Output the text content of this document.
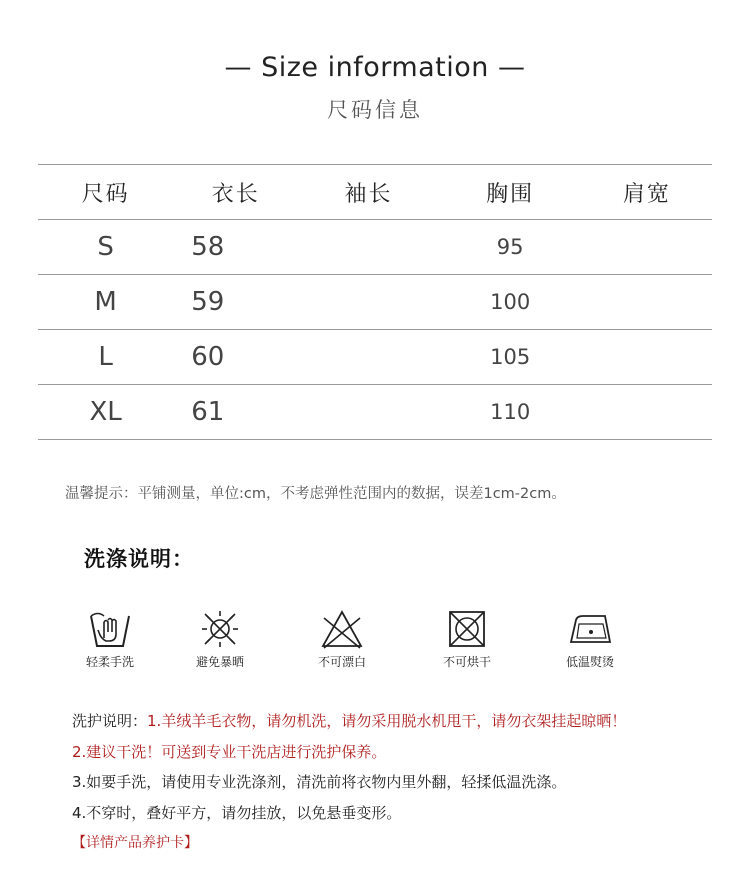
— Size information —
尺码信息
尺码	衣长	袖长	胸围	肩宽
S	58		95	
M	59		100	
L	60		105	
XL	61		110	
温馨提示：平铺测量，单位:cm，不考虑弹性范围内的数据，误差1cm-2cm。
洗涤说明：
轻柔手洗	避免暴晒	不可漂白	不可烘干	低温熨烫
洗护说明：1.羊绒羊毛衣物，请勿机洗，请勿采用脱水机甩干，请勿衣架挂起晾晒！
2.建议干洗！可送到专业干洗店进行洗护保养。
3.如要手洗，请使用专业洗涤剂，清洗前将衣物内里外翻，轻揉低温洗涤。
4.不穿时，叠好平方，请勿挂放，以免悬垂变形。
【详情产品养护卡】
